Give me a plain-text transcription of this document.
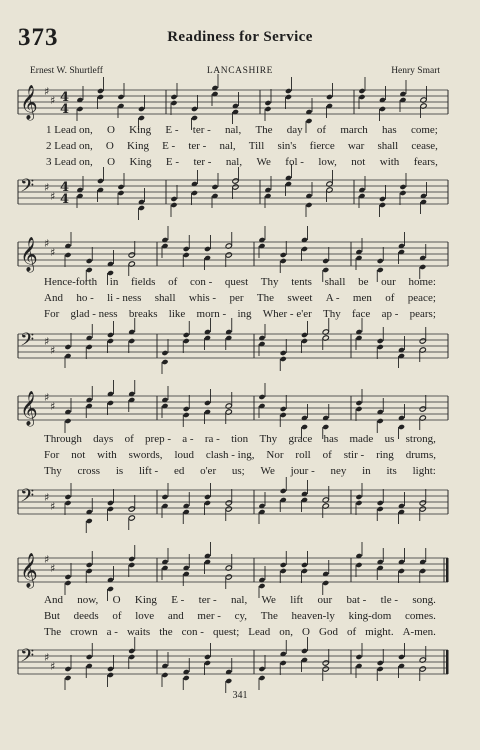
373	Readiness for Service
Ernest W. Shurtleff	LANCASHIRE	Henry Smart
𝄞 ♯
♯ 4
4
1 Lead on, O King E - ter - nal, The day of march has come;
2 Lead on, O King E - ter - nal, Till sin's fierce war shall cease,
3 Lead on, O King E - ter - nal, We fol - low, not with fears,
𝄢 ♯
♯
4
4
𝄞 ♯
♯
Hence-forth in fields of con - quest Thy tents shall be our home:
And ho - li - ness shall whis - per The sweet A - men of peace;
For glad - ness breaks like morn - ing Wher - e'er Thy face ap - pears;
𝄢 ♯
♯
𝄞 ♯
♯
Through days of prep - a - ra - tion Thy grace has made us strong,
For not with swords, loud clash - ing, Nor roll of stir - ring drums,
Thy cross is lift - ed o'er us; We jour - ney in its light:
𝄢 ♯
♯
𝄞 ♯
♯
And now, O King E - ter - nal, We lift our bat - tle - song.
But deeds of love and mer - cy, The heaven-ly king-dom comes.
The crown a - waits the con - quest; Lead on, O God of might. A-men.
𝄢 ♯
♯
341
